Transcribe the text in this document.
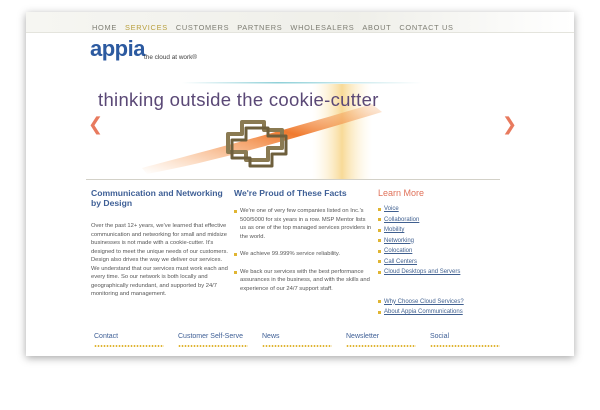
HOME SERVICES CUSTOMERS PARTNERS WHOLESALERS ABOUT CONTACT US
appia the cloud at work®
thinking outside the cookie-cutter
❮	❯
Communication and Networking by Design
Over the past 12+ years, we've learned that effective communication and networking for small and midsize businesses is not made with a cookie-cutter. It's designed to meet the unique needs of our customers. Design also drives the way we deliver our services. We understand that our services must work each and every time. So our network is both locally and geographically redundant, and supported by 24/7 monitoring and management.
We're Proud of These Facts
We're one of very few companies listed on Inc.'s 500/5000 for six years in a row. MSP Mentor lists us as one of the top managed services providers in the world.
We achieve 99.999% service reliability.
We back our services with the best performance assurances in the business, and with the skills and experience of our 24/7 support staff.
Learn More
Voice
Collaboration
Mobility
Networking
Colocation
Call Centers
Cloud Desktops and Servers
Why Choose Cloud Services?
About Appia Communications
Contact	Customer Self-Serve	News	Newsletter	Social
